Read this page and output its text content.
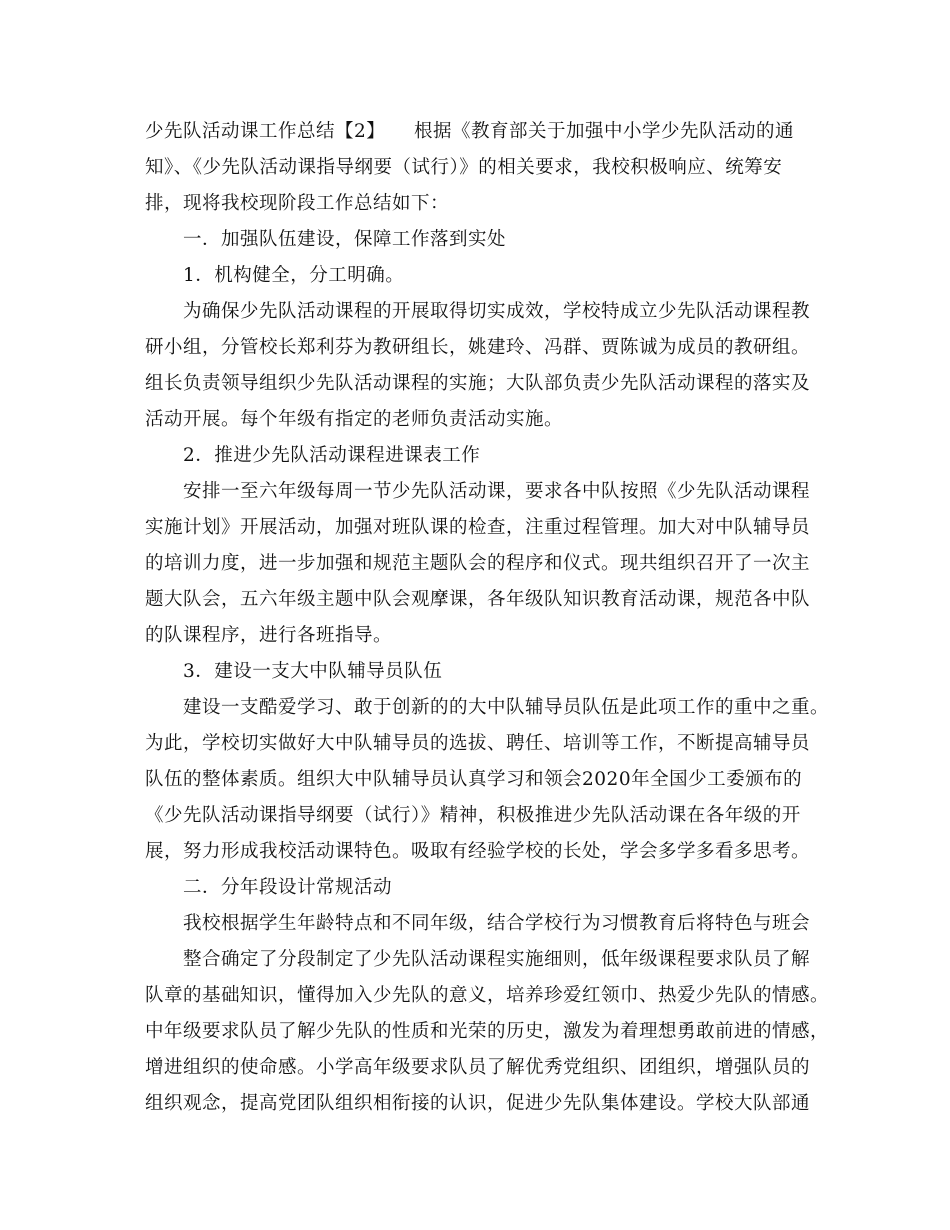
少先队活动课工作总结【2】　　根据《教育部关于加强中小学少先队活动的通
知》、《少先队活动课指导纲要（试行）》的相关要求，我校积极响应、统筹安
排，现将我校现阶段工作总结如下：
　　一．加强队伍建设，保障工作落到实处
　　1．机构健全，分工明确。
　　为确保少先队活动课程的开展取得切实成效，学校特成立少先队活动课程教
研小组，分管校长郑利芬为教研组长，姚建玲、冯群、贾陈诚为成员的教研组。
组长负责领导组织少先队活动课程的实施；大队部负责少先队活动课程的落实及
活动开展。每个年级有指定的老师负责活动实施。
　　2．推进少先队活动课程进课表工作
　　安排一至六年级每周一节少先队活动课，要求各中队按照《少先队活动课程
实施计划》开展活动，加强对班队课的检查，注重过程管理。加大对中队辅导员
的培训力度，进一步加强和规范主题队会的程序和仪式。现共组织召开了一次主
题大队会，五六年级主题中队会观摩课，各年级队知识教育活动课，规范各中队
的队课程序，进行各班指导。
　　3．建设一支大中队辅导员队伍
　　建设一支酷爱学习、敢于创新的的大中队辅导员队伍是此项工作的重中之重。
为此，学校切实做好大中队辅导员的选拔、聘任、培训等工作，不断提高辅导员
队伍的整体素质。组织大中队辅导员认真学习和领会2020年全国少工委颁布的
《少先队活动课指导纲要（试行）》精神，积极推进少先队活动课在各年级的开
展，努力形成我校活动课特色。吸取有经验学校的长处，学会多学多看多思考。
　　二．分年段设计常规活动
　　我校根据学生年龄特点和不同年级，结合学校行为习惯教育后将特色与班会
　　整合确定了分段制定了少先队活动课程实施细则，低年级课程要求队员了解
队章的基础知识，懂得加入少先队的意义，培养珍爱红领巾、热爱少先队的情感。
中年级要求队员了解少先队的性质和光荣的历史，激发为着理想勇敢前进的情感，
增进组织的使命感。小学高年级要求队员了解优秀党组织、团组织，增强队员的
组织观念，提高党团队组织相衔接的认识，促进少先队集体建设。学校大队部通
